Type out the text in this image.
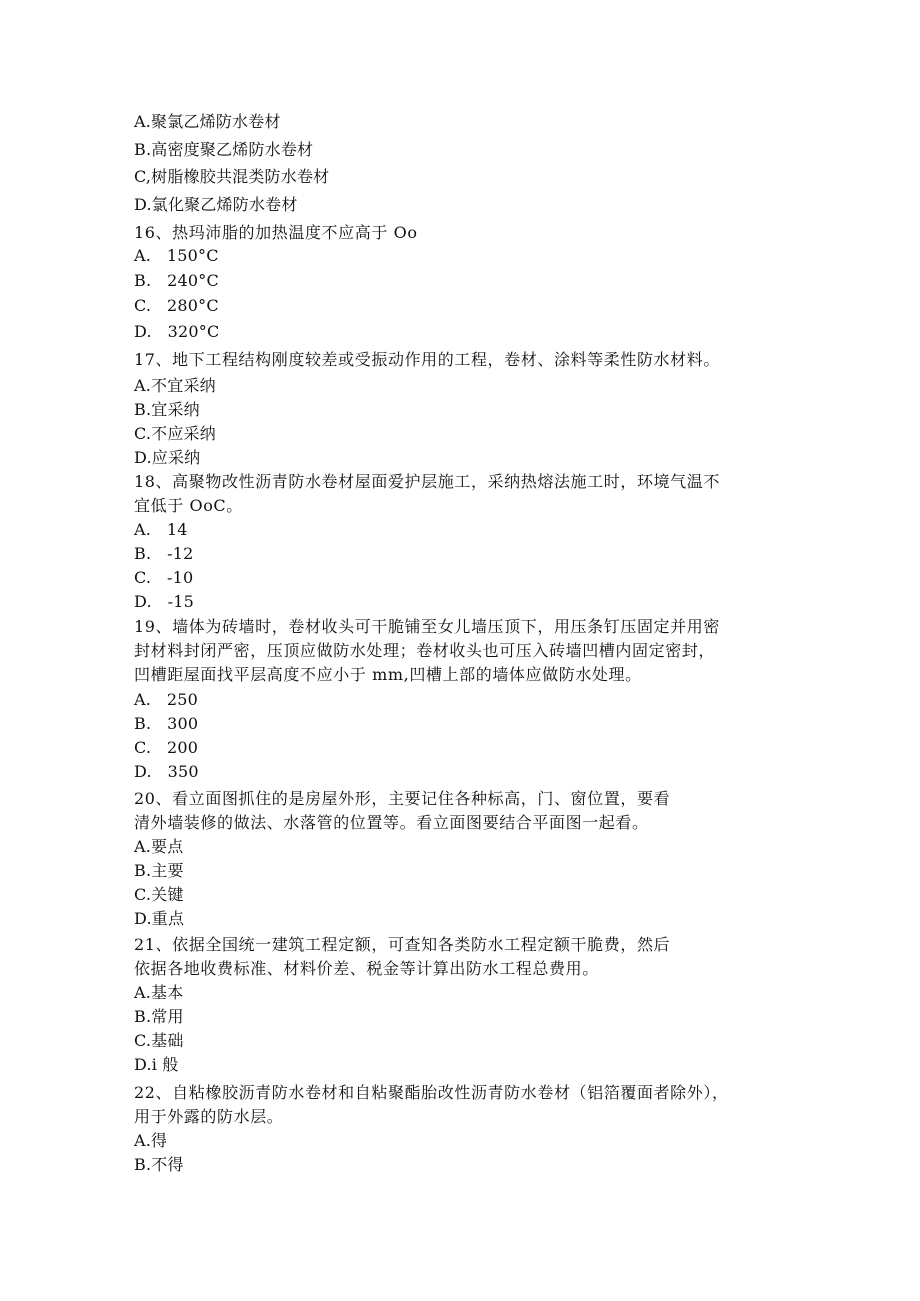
A.聚氯乙烯防水卷材
B.高密度聚乙烯防水卷材
C,树脂橡胶共混类防水卷材
D.氯化聚乙烯防水卷材
16、热玛沛脂的加热温度不应高于 Oo
A.   150°C
B.   240°C
C.   280°C
D.   320°C
17、地下工程结构刚度较差或受振动作用的工程，卷材、涂料等柔性防水材料。
A.不宜采纳
B.宜采纳
C.不应采纳
D.应采纳
18、高聚物改性沥青防水卷材屋面爱护层施工，采纳热熔法施工时，环境气温不
宜低于 OoC。
A.   14
B.   -12
C.   -10
D.   -15
19、墙体为砖墙时，卷材收头可干脆铺至女儿墙压顶下，用压条钉压固定并用密
封材料封闭严密，压顶应做防水处理；卷材收头也可压入砖墙凹槽内固定密封，
凹槽距屋面找平层高度不应小于 mm,凹槽上部的墙体应做防水处理。
A.   250
B.   300
C.   200
D.   350
20、看立面图抓住的是房屋外形，主要记住各种标高，门、窗位置，要看
清外墙装修的做法、水落管的位置等。看立面图要结合平面图一起看。
A.要点
B.主要
C.关键
D.重点
21、依据全国统一建筑工程定额，可查知各类防水工程定额干脆费，然后
依据各地收费标准、材料价差、税金等计算出防水工程总费用。
A.基本
B.常用
C.基础
D.i 般
22、自粘橡胶沥青防水卷材和自粘聚酯胎改性沥青防水卷材（铝箔覆面者除外），
用于外露的防水层。
A.得
B.不得
